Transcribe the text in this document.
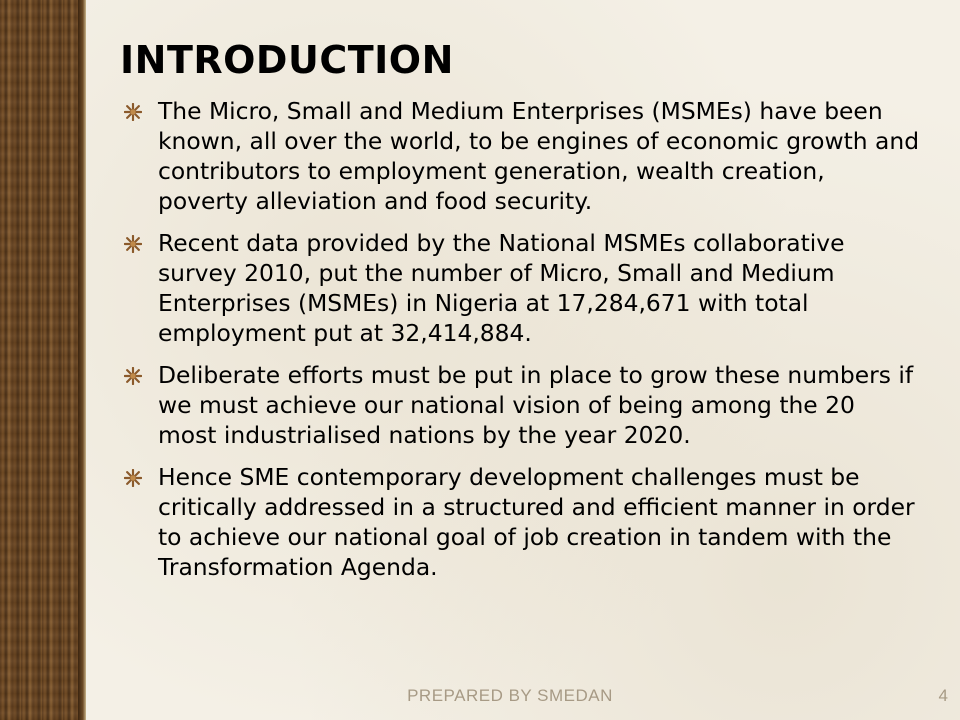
INTRODUCTION
The Micro, Small and Medium Enterprises (MSMEs) have been known, all over the world, to be engines of economic growth and contributors to employment generation, wealth creation, poverty alleviation and food security.
Recent data provided by the National MSMEs collaborative survey 2010, put the number of Micro, Small and Medium Enterprises (MSMEs) in Nigeria at 17,284,671 with total employment put at 32,414,884.
Deliberate efforts must be put in place to grow these numbers if we must achieve our national vision of being among the 20 most industrialised nations by the year 2020.
Hence SME contemporary development challenges must be critically addressed in a structured and efficient manner in order to achieve our national goal of job creation in tandem with the Transformation Agenda.
PREPARED BY SMEDAN	4
